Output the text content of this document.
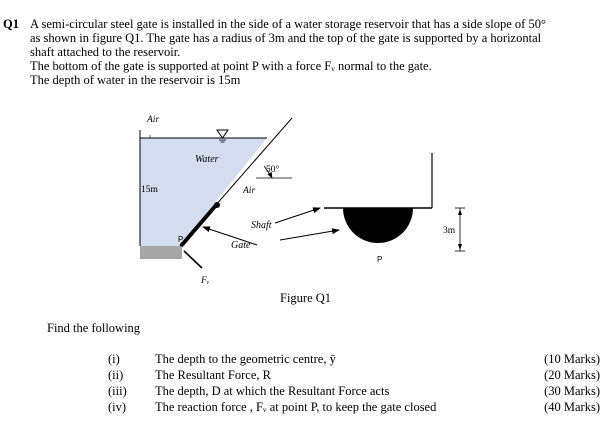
Q1 A semi-circular steel gate is installed in the side of a water storage reservoir that has a side slope of 50°

as shown in figure Q1. The gate has a radius of 3m and the top of the gate is supported by a horizontal

shaft attached to the reservoir.

The bottom of the gate is supported at point P with a force Fᵥ normal to the gate.

The depth of water in the reservoir is 15m

Air
Water
50°
Air
15m
Shaft
Gate
P
Fᵥ
3m
P
Figure Q1
Find the following
(i)
(ii)
(iii)
(iv)
The depth to the geometric centre, ȳ
The Resultant Force, R
The depth, D at which the Resultant Force acts
The reaction force , Fᵥ at point P, to keep the gate closed
(10 Marks)
(20 Marks)
(30 Marks)
(40 Marks)
